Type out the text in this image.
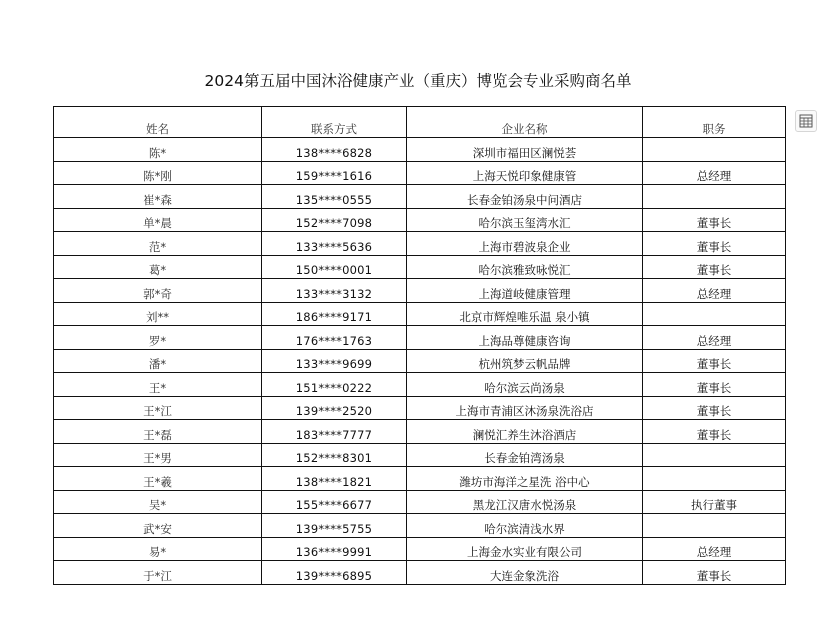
2024第五届中国沐浴健康产业（重庆）博览会专业采购商名单
姓名	联系方式	企业名称	职务
陈*	138****6828	深圳市福田区澜悦荟	
陈*刚	159****1616	上海天悦印象健康管	总经理
崔*森	135****0555	长春金铂汤泉中问酒店	
单*晨	152****7098	哈尔滨玉玺湾水汇	董事长
范*	133****5636	上海市碧波泉企业	董事长
葛*	150****0001	哈尔滨雅致咏悦汇	董事长
郭*奇	133****3132	上海道岐健康管理	总经理
刘**	186****9171	北京市辉煌唯乐温 泉小镇	
罗*	176****1763	上海品尊健康咨询	总经理
潘*	133****9699	杭州筑梦云帆品牌	董事长
王*	151****0222	哈尔滨云尚汤泉	董事长
王*江	139****2520	上海市青浦区沐汤泉洗浴店	董事长
王*磊	183****7777	澜悦汇养生沐浴酒店	董事长
王*男	152****8301	长春金铂湾汤泉	
王*羲	138****1821	潍坊市海洋之星洗 浴中心	
吴*	155****6677	黑龙江汉唐水悦汤泉	执行董事
武*安	139****5755	哈尔滨清浅水界	
易*	136****9991	上海金水实业有限公司	总经理
于*江	139****6895	大连金象洗浴	董事长
